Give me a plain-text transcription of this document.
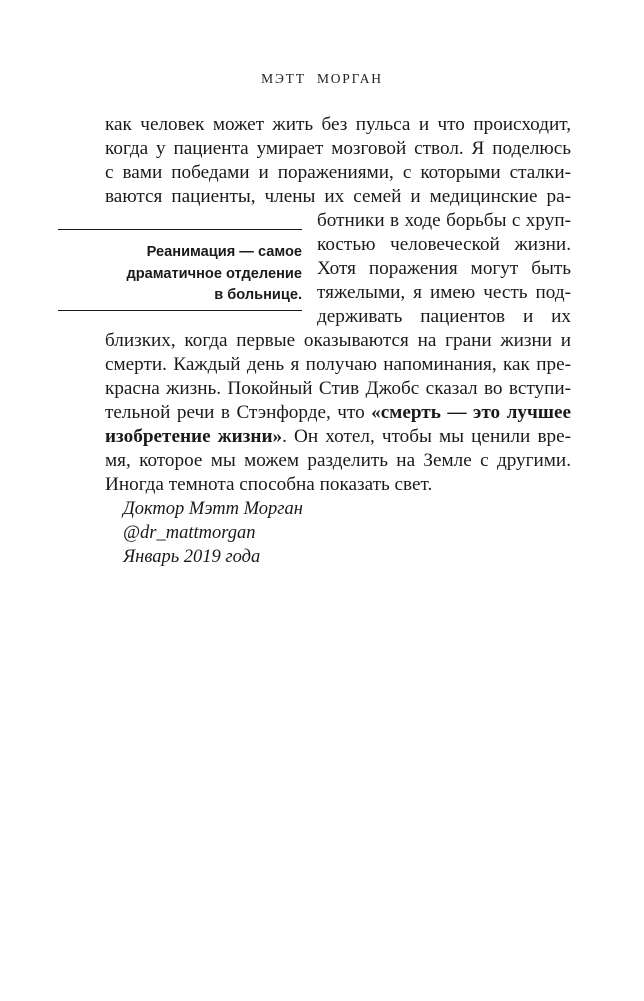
МЭТТ МОРГАН
как человек может жить без пульса и что происходит,
когда у пациента умирает мозговой ствол. Я поделюсь
с вами победами и поражениями, с которыми сталки-
ваются пациенты, члены их семей и медицинские ра-
Реанимация — самое
драматичное отделение
в больнице.
ботники в ходе борьбы с хруп-
костью человеческой жизни.
Хотя поражения могут быть
тяжелыми, я имею честь под-
держивать пациентов и их
близких, когда первые оказываются на грани жизни и
смерти. Каждый день я получаю напоминания, как пре-
красна жизнь. Покойный Стив Джобс сказал во вступи-
тельной речи в Стэнфорде, что «смерть — это лучшее
изобретение жизни». Он хотел, чтобы мы ценили вре-
мя, которое мы можем разделить на Земле с другими.
Иногда темнота способна показать свет.
Доктор Мэтт Морган
@dr_mattmorgan
Январь 2019 года
